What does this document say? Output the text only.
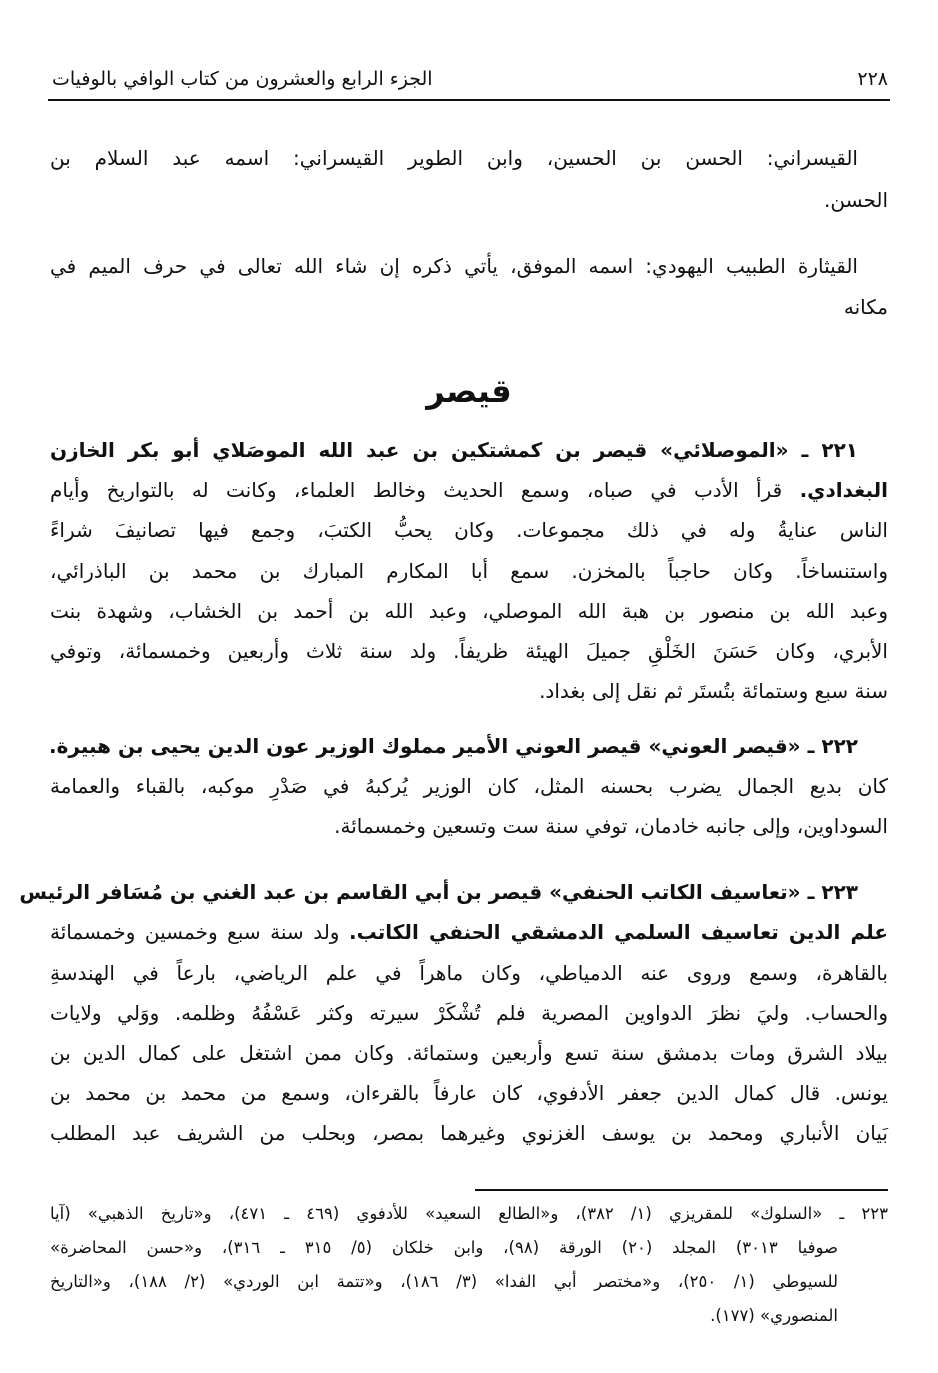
٢٢٨
الجزء الرابع والعشرون من كتاب الوافي بالوفيات
القيسراني: الحسن بن الحسين، وابن الطوير القيسراني: اسمه عبد السلام بن
الحسن.
القيثارة الطبيب اليهودي: اسمه الموفق، يأتي ذكره إن شاء الله تعالى في حرف الميم في
مكانه
قيصر
٢٢١ ـ «الموصلائي» قيصر بن كمشتكين بن عبد الله الموصَلاي أبو بكر الخازن
البغدادي. قرأ الأدب في صباه، وسمع الحديث وخالط العلماء، وكانت له بالتواريخ وأيام
الناس عنايةُ وله في ذلك مجموعات. وكان يحبُّ الكتبَ، وجمع فيها تصانيفَ شراءً
واستنساخاً. وكان حاجباً بالمخزن. سمع أبا المكارم المبارك بن محمد بن الباذرائي،
وعبد الله بن منصور بن هبة الله الموصلي، وعبد الله بن أحمد بن الخشاب، وشهدة بنت
الأبري، وكان حَسَنَ الخَلْقِ جميلَ الهيئة ظريفاً. ولد سنة ثلاث وأربعين وخمسمائة، وتوفي
سنة سبع وستمائة بتُستَر ثم نقل إلى بغداد.
٢٢٢ ـ «قيصر العوني» قيصر العوني الأمير مملوك الوزير عون الدين يحيى بن هبيرة.
كان بديع الجمال يضرب بحسنه المثل، كان الوزير يُركبهُ في صَدْرِ موكبه، بالقباء والعمامة
السوداوين، وإلى جانبه خادمان، توفي سنة ست وتسعين وخمسمائة.
٢٢٣ ـ «تعاسيف الكاتب الحنفي» قيصر بن أبي القاسم بن عبد الغني بن مُسَافر الرئيس
علم الدين تعاسيف السلمي الدمشقي الحنفي الكاتب. ولد سنة سبع وخمسين وخمسمائة
بالقاهرة، وسمع وروى عنه الدمياطي، وكان ماهراً في علم الرياضي، بارعاً في الهندسةِ
والحساب. وليَ نظرَ الدواوين المصرية فلم تُشْكَرْ سيرته وكثر عَسْفُهُ وظلمه. ووَلي ولايات
بيلاد الشرق ومات بدمشق سنة تسع وأربعين وستمائة. وكان ممن اشتغل على كمال الدين بن
يونس. قال كمال الدين جعفر الأدفوي، كان عارفاً بالقرءان، وسمع من محمد بن محمد بن
بَيان الأنباري ومحمد بن يوسف الغزنوي وغيرهما بمصر، وبحلب من الشريف عبد المطلب
٢٢٣ ـ «السلوك» للمقريزي (١/ ٣٨٢)، و«الطالع السعيد» للأدفوي (٤٦٩ ـ ٤٧١)، و«تاريخ الذهبي» (آيا
صوفيا ٣٠١٣) المجلد (٢٠) الورقة (٩٨)، وابن خلكان (٥/ ٣١٥ ـ ٣١٦)، و«حسن المحاضرة»
للسيوطي (١/ ٢٥٠)، و«مختصر أبي الفدا» (٣/ ١٨٦)، و«تتمة ابن الوردي» (٢/ ١٨٨)، و«التاريخ
المنصوري» (١٧٧).
